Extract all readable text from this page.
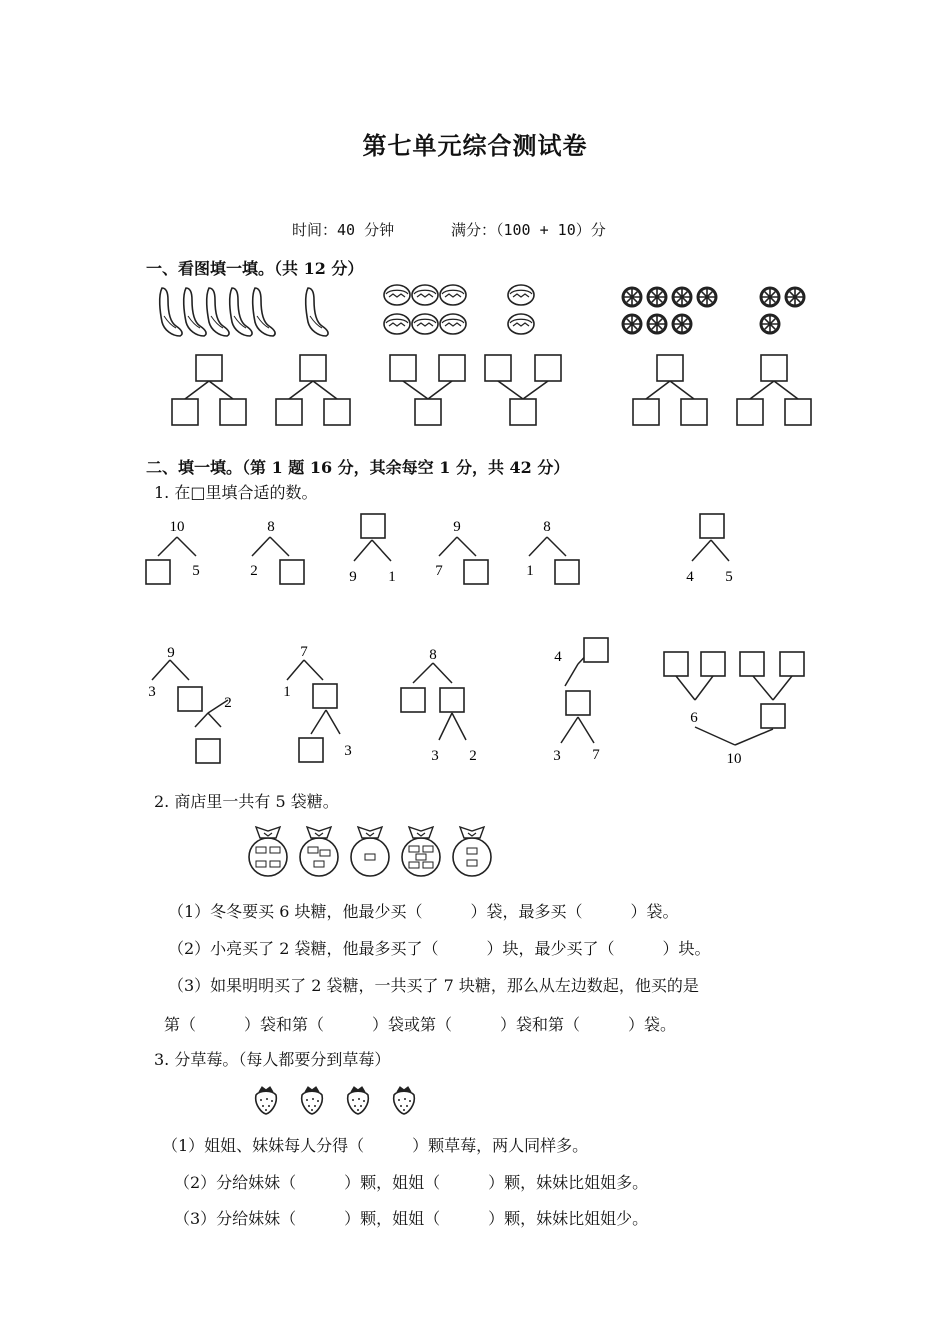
第七单元综合测试卷
时间：40 分钟	满分：（100 + 10）分
一、看图填一填。（共 12 分）
二、填一填。（第 1 题 16 分，其余每空 1 分，共 42 分）
1. 在□里填合适的数。
10
5
8
2	9 1
9
7
8
1	4 5
9
3
2
7
1
3
8
3 2
4
3 7
6
10
2. 商店里一共有 5 袋糖。
（1）冬冬要买 6 块糖，他最少买（　　　）袋，最多买（　　　）袋。
（2）小亮买了 2 袋糖，他最多买了（　　　）块，最少买了（　　　）块。
（3）如果明明买了 2 袋糖，一共买了 7 块糖，那么从左边数起，他买的是
第（　　　）袋和第（　　　）袋或第（　　　）袋和第（　　　）袋。
3. 分草莓。（每人都要分到草莓）
（1）姐姐、妹妹每人分得（　　　）颗草莓，两人同样多。
（2）分给妹妹（　　　）颗，姐姐（　　　）颗，妹妹比姐姐多。
（3）分给妹妹（　　　）颗，姐姐（　　　）颗，妹妹比姐姐少。
